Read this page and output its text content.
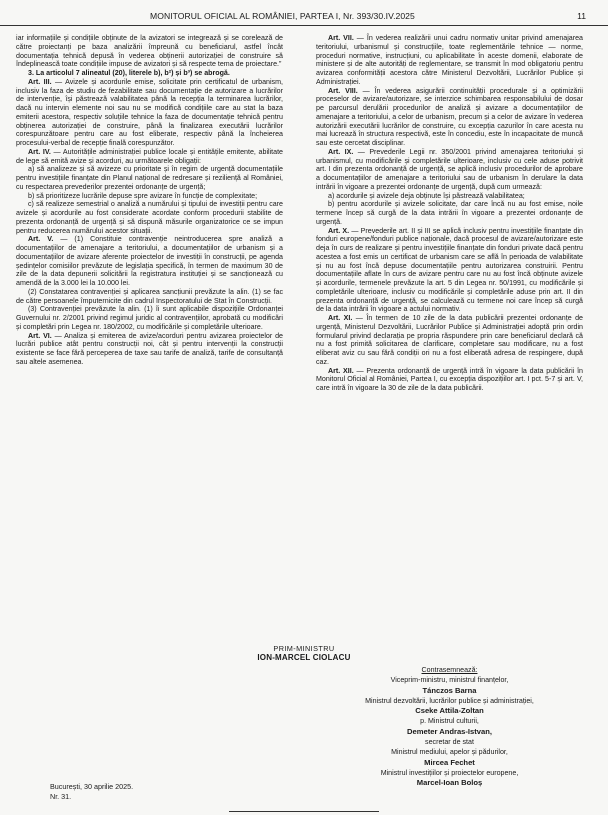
MONITORUL OFICIAL AL ROMÂNIEI, PARTEA I, Nr. 393/30.IV.2025	11

iar informațiile și condițiile obținute de la avizatori se integrează și se corelează de către proiectanți pe baza analizării împreună cu beneficiarul, astfel încât documentația tehnică depusă în vederea obținerii autorizației de construire să îndeplinească toate condițiile impuse de avizatori și să respecte tema de proiectare.”

3. La articolul 7 alineatul (20), literele b), b²) și b³) se abrogă.

Art. III. — Avizele și acordurile emise, solicitate prin certificatul de urbanism, inclusiv la faza de studiu de fezabilitate sau documentație de autorizare a lucrărilor de intervenție, își păstrează valabilitatea până la recepția la terminarea lucrărilor, dacă nu intervin elemente noi sau nu se modifică condițiile care au stat la baza emiterii acestora, respectiv soluțiile tehnice la faza de documentație tehnică pentru obținerea autorizației de construire, până la finalizarea executării lucrărilor corespunzătoare pentru care au fost eliberate, respectiv până la încheierea procesului-verbal de recepție finală corespunzător.

Art. IV. — Autoritățile administrației publice locale și entitățile emitente, abilitate de lege să emită avize și acorduri, au următoarele obligații:

a) să analizeze și să avizeze cu prioritate și în regim de urgență documentațiile pentru investițiile finanțate din Planul național de redresare și reziliență al României, cu respectarea prevederilor prezentei ordonanțe de urgență;

b) să prioritizeze lucrările depuse spre avizare în funcție de complexitate;

c) să realizeze semestrial o analiză a numărului și tipului de investiții pentru care avizele și acordurile au fost considerate acordate conform procedurii stabilite de prezenta ordonanță de urgență și să dispună măsurile organizatorice ce se impun pentru reducerea numărului acestor situații.

Art. V. — (1) Constituie contravenție neintroducerea spre analiză a documentațiilor de amenajare a teritoriului, a documentațiilor de urbanism și a documentațiilor de avizare aferente proiectelor de investiții în construcții, pe agenda ședințelor comisiilor prevăzute de legislația specifică, în termen de maximum 30 de zile de la data depunerii solicitării la registratura instituției și se sancționează cu amendă de la 3.000 lei la 10.000 lei.

(2) Constatarea contravenției și aplicarea sancțiunii prevăzute la alin. (1) se fac de către persoanele împuternicite din cadrul Inspectoratului de Stat în Construcții.

(3) Contravenției prevăzute la alin. (1) îi sunt aplicabile dispozițiile Ordonanței Guvernului nr. 2/2001 privind regimul juridic al contravențiilor, aprobată cu modificări și completări prin Legea nr. 180/2002, cu modificările și completările ulterioare.

Art. VI. — Analiza și emiterea de avize/acorduri pentru avizarea proiectelor de lucrări publice atât pentru construcții noi, cât și pentru intervenții la construcții existente se face fără perceperea de taxe sau tarife de analiză, tarife de consultanță sau altele asemenea.

Art. VII. — În vederea realizării unui cadru normativ unitar privind amenajarea teritoriului, urbanismul și construcțiile, toate reglementările tehnice — norme, proceduri normative, instrucțiuni, cu aplicabilitate în aceste domenii, elaborate de ministere și de alte autorități de reglementare, se transmit în mod obligatoriu pentru avizarea conformității acestora către Ministerul Dezvoltării, Lucrărilor Publice și Administrației.

Art. VIII. — În vederea asigurării continuității procedurale și a optimizării proceselor de avizare/autorizare, se interzice schimbarea responsabilului de dosar pe parcursul derulării procedurilor de analiză și avizare a documentațiilor de amenajare a teritoriului, a celor de urbanism, precum și a celor de avizare în vederea autorizării executării lucrărilor de construire, cu excepția cazurilor în care acesta nu mai lucrează în structura respectivă, este în concediu, este în incapacitate de muncă sau este cercetat disciplinar.

Art. IX. — Prevederile Legii nr. 350/2001 privind amenajarea teritoriului și urbanismul, cu modificările și completările ulterioare, inclusiv cu cele aduse potrivit art. I din prezenta ordonanță de urgență, se aplică inclusiv procedurilor de aprobare a documentațiilor de amenajare a teritoriului sau de urbanism în derulare la data intrării în vigoare a prezentei ordonanțe de urgență, după cum urmează:

a) acordurile și avizele deja obținute își păstrează valabilitatea;

b) pentru acordurile și avizele solicitate, dar care încă nu au fost emise, noile termene încep să curgă de la data intrării în vigoare a prezentei ordonanțe de urgență.

Art. X. — Prevederile art. II și III se aplică inclusiv pentru investițiile finanțate din fonduri europene/fonduri publice naționale, dacă procesul de avizare/autorizare este deja în curs de realizare și pentru investițiile finanțate din fonduri private dacă pentru acestea a fost emis un certificat de urbanism care se află în perioada de valabilitate și nu au fost încă depuse documentațiile pentru autorizarea construirii. Pentru documentațiile aflate în curs de avizare pentru care nu au fost încă obținute avizele și acordurile, termenele prevăzute la art. 5 din Legea nr. 50/1991, cu modificările și completările ulterioare, inclusiv cu modificările și completările aduse prin art. II din prezenta ordonanță de urgență, se calculează cu termene noi care încep să curgă de la data intrării în vigoare a actului normativ.

Art. XI. — În termen de 10 zile de la data publicării prezentei ordonanțe de urgență, Ministerul Dezvoltării, Lucrărilor Publice și Administrației adoptă prin ordin formularul privind declarația pe propria răspundere prin care beneficiarul declară că nu a fost primită solicitarea de clarificare, completare sau modificare, nu a fost eliberat aviz cu sau fără condiții ori nu a fost eliberată adresa de respingere, după caz.

Art. XII. — Prezenta ordonanță de urgență intră în vigoare la data publicării în Monitorul Oficial al României, Partea I, cu excepția dispozițiilor art. I pct. 5-7 și art. V, care intră în vigoare la 30 de zile de la data publicării.

PRIM-MINISTRU
ION-MARCEL CIOLACU
Contrasemnează:
Viceprim-ministru, ministrul finanțelor,
Tánczos Barna
Ministrul dezvoltării, lucrărilor publice și administrației,
Cseke Attila-Zoltan
p. Ministrul culturii,
Demeter Andras-Istvan,
secretar de stat
Ministrul mediului, apelor și pădurilor,
Mircea Fechet
Ministrul investițiilor și proiectelor europene,
Marcel-Ioan Boloș
București, 30 aprilie 2025.
Nr. 31.
